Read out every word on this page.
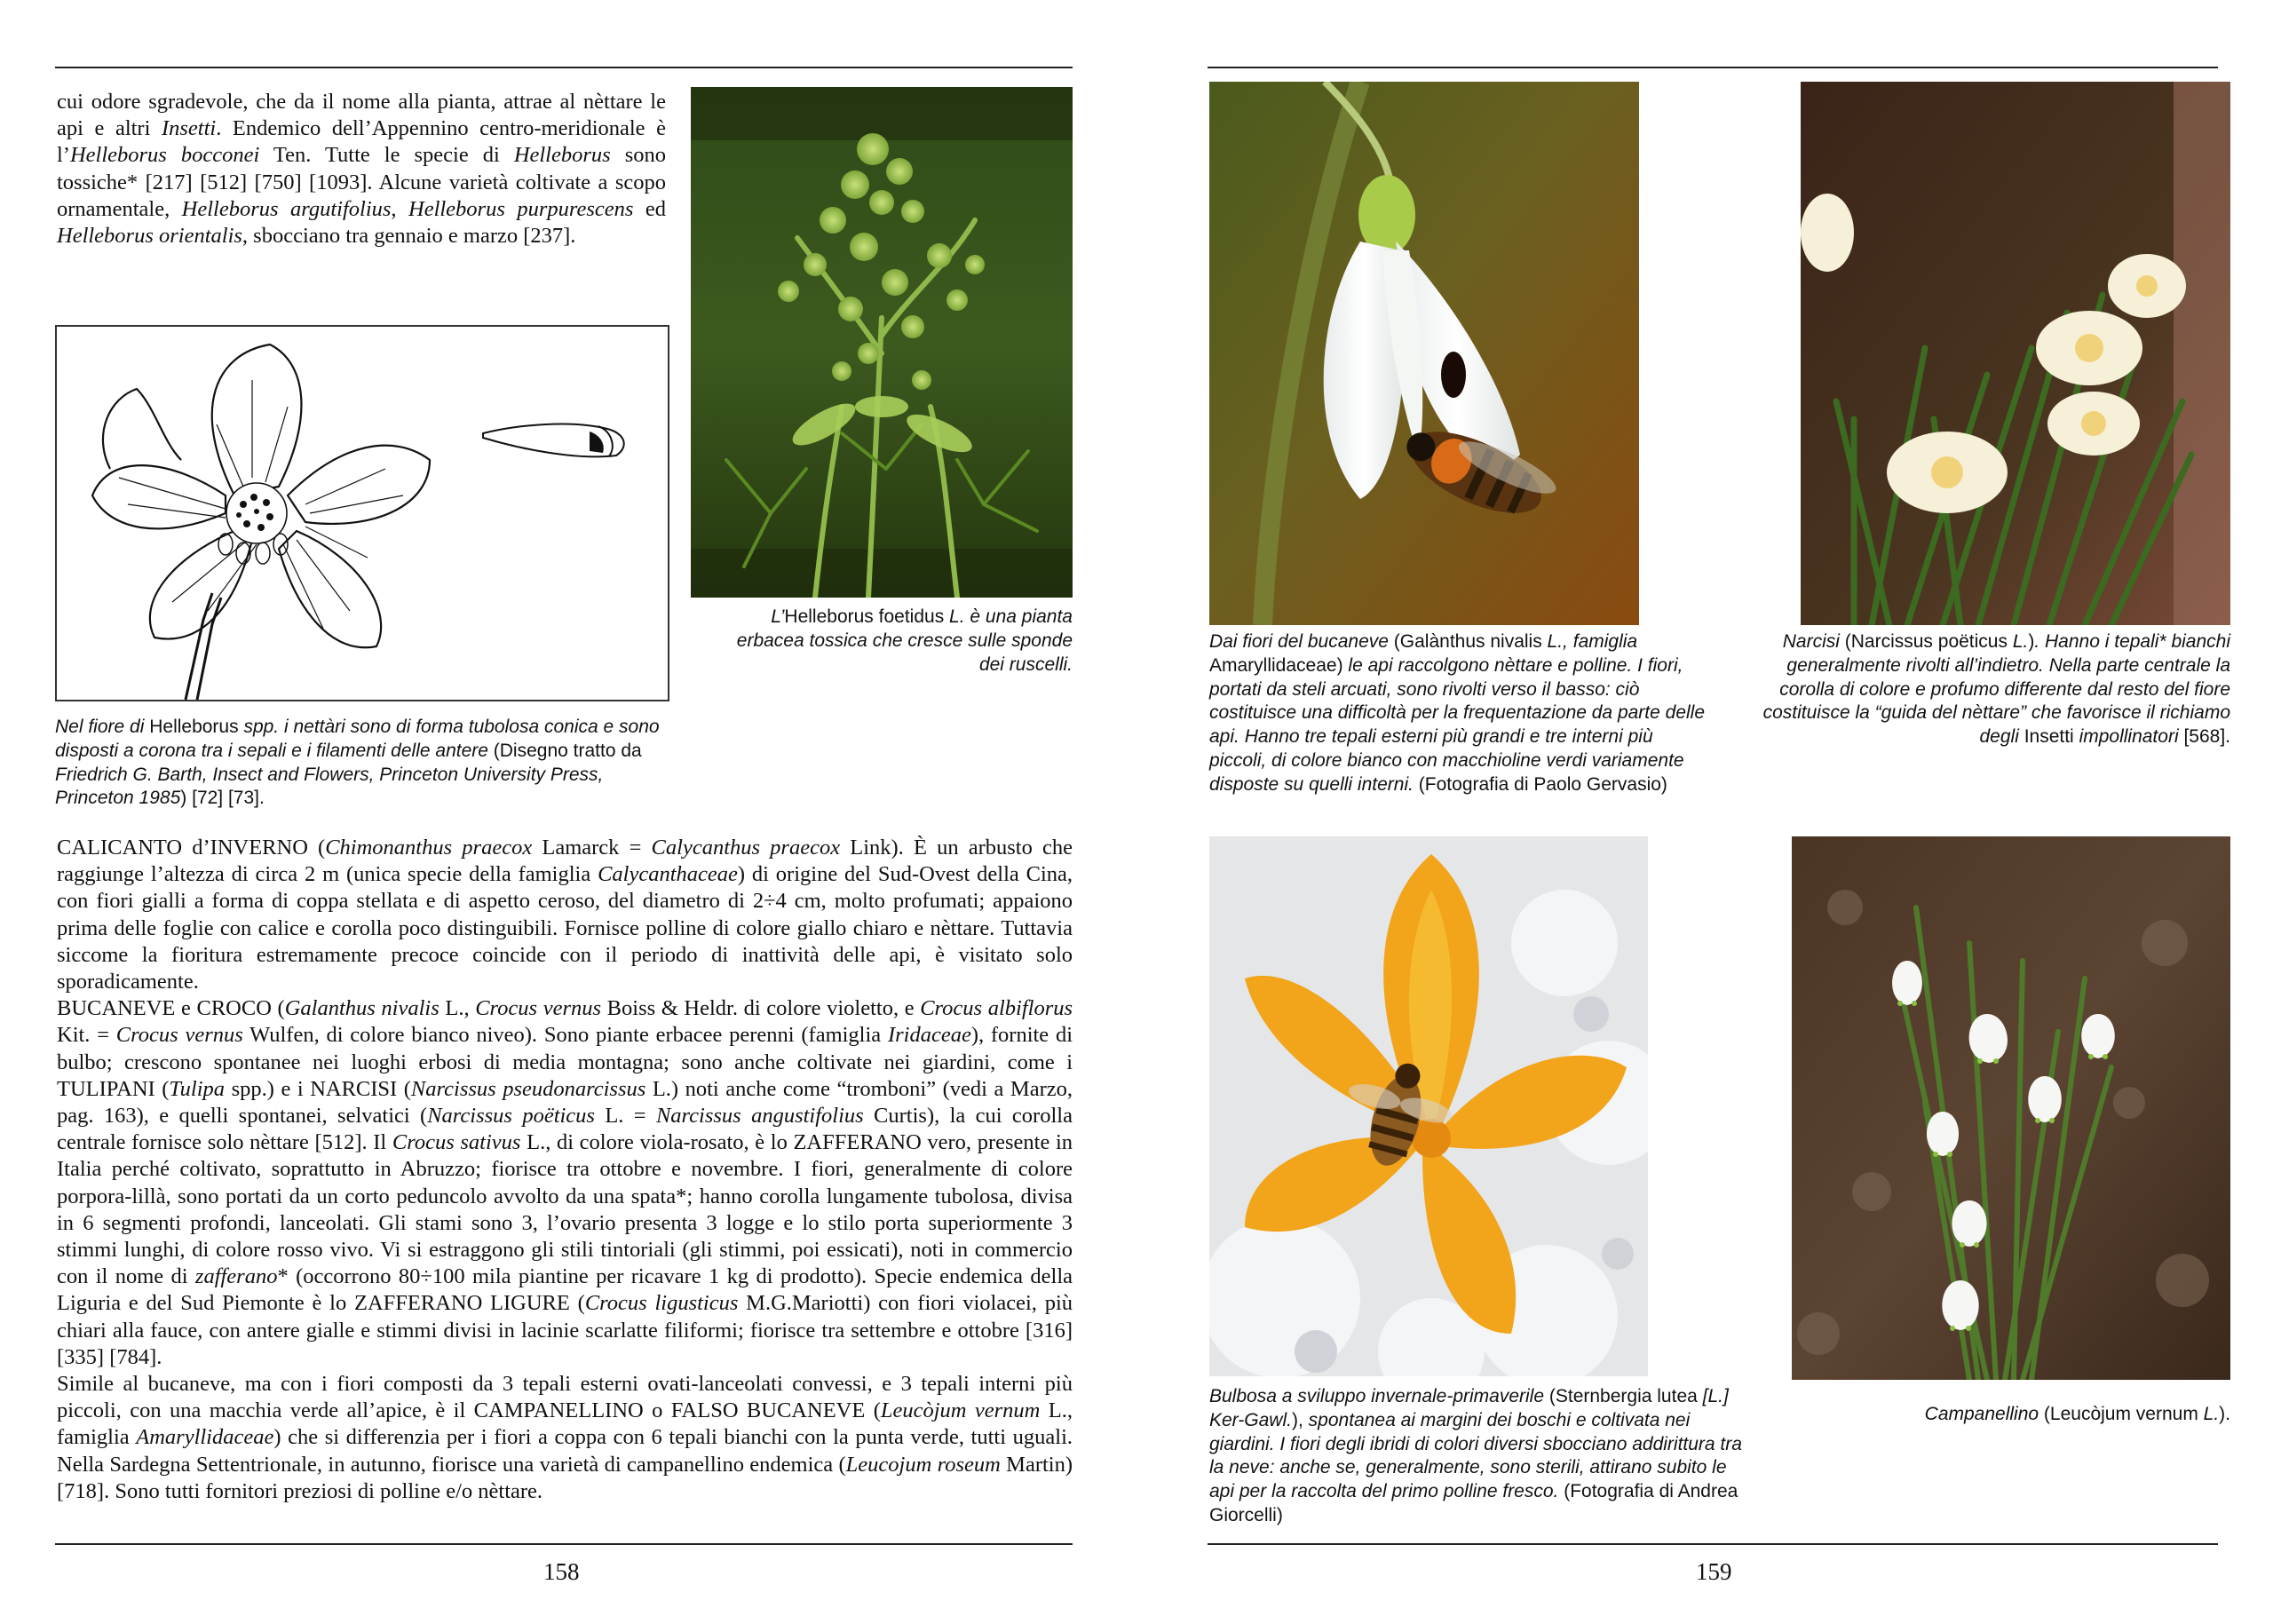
cui odore sgradevole, che da il nome alla pianta, attrae al nèttare le api e altri Insetti. Endemico dell’Appennino centro-meridionale è l’Helleborus bocconei Ten. Tutte le specie di Helleborus sono tossiche* [217] [512] [750] [1093]. Alcune varietà coltivate a scopo ornamentale, Helleborus argutifolius, Helleborus purpurescens ed Helleborus orientalis, sbocciano tra gennaio e marzo [237].

L’Helleborus foetidus L. è una pianta erbacea tossica che cresce sulle sponde dei ruscelli.
Nel fiore di Helleborus spp. i nettàri sono di forma tubolosa conica e sono disposti a corona tra i sepali e i filamenti delle antere (Disegno tratto da Friedrich G. Barth, Insect and Flowers, Princeton University Press, Princeton 1985) [72] [73].

CALICANTO d’INVERNO (Chimonanthus praecox Lamarck = Calycanthus praecox Link). È un arbusto che raggiunge l’altezza di circa 2 m (unica specie della famiglia Calycanthaceae) di origine del Sud-Ovest della Cina, con fiori gialli a forma di coppa stellata e di aspetto ceroso, del diametro di 2÷4 cm, molto profumati; appaiono prima delle foglie con calice e corolla poco distinguibili. Fornisce polline di colore giallo chiaro e nèttare. Tuttavia siccome la fioritura estremamente precoce coincide con il periodo di inattività delle api, è visitato solo sporadicamente.

BUCANEVE e CROCO (Galanthus nivalis L., Crocus vernus Boiss & Heldr. di colore violetto, e Crocus albiflorus Kit. = Crocus vernus Wulfen, di colore bianco niveo). Sono piante erbacee perenni (famiglia Iridaceae), fornite di bulbo; crescono spontanee nei luoghi erbosi di media montagna; sono anche coltivate nei giardini, come i TULIPANI (Tulipa spp.) e i NARCISI (Narcissus pseudonarcissus L.) noti anche come “tromboni” (vedi a Marzo, pag. 163), e quelli spontanei, selvatici (Narcissus poëticus L. = Narcissus angustifolius Curtis), la cui corolla centrale fornisce solo nèttare [512]. Il Crocus sativus L., di colore viola-rosato, è lo ZAFFERANO vero, presente in Italia perché coltivato, soprattutto in Abruzzo; fiorisce tra ottobre e novembre. I fiori, generalmente di colore porpora-lillà, sono portati da un corto peduncolo avvolto da una spata*; hanno corolla lungamente tubolosa, divisa in 6 segmenti profondi, lanceolati. Gli stami sono 3, l’ovario presenta 3 logge e lo stilo porta superiormente 3 stimmi lunghi, di colore rosso vivo. Vi si estraggono gli stili tintoriali (gli stimmi, poi essicati), noti in commercio con il nome di zafferano* (occorrono 80÷100 mila piantine per ricavare 1 kg di prodotto). Specie endemica della Liguria e del Sud Piemonte è lo ZAFFERANO LIGURE (Crocus ligusticus M.G.Mariotti) con fiori violacei, più chiari alla fauce, con antere gialle e stimmi divisi in lacinie scarlatte filiformi; fiorisce tra settembre e ottobre [316] [335] [784].

Simile al bucaneve, ma con i fiori composti da 3 tepali esterni ovati-lanceolati convessi, e 3 tepali interni più piccoli, con una macchia verde all’apice, è il CAMPANELLINO o FALSO BUCANEVE (Leucòjum vernum L., famiglia Amaryllidaceae) che si differenzia per i fiori a coppa con 6 tepali bianchi con la punta verde, tutti uguali. Nella Sardegna Settentrionale, in autunno, fiorisce una varietà di campanellino endemica (Leucojum roseum Martin) [718]. Sono tutti fornitori preziosi di polline e/o nèttare.

158
Dai fiori del bucaneve (Galànthus nivalis L., famiglia Amaryllidaceae) le api raccolgono nèttare e polline. I fiori, portati da steli arcuati, sono rivolti verso il basso: ciò costituisce una difficoltà per la frequentazione da parte delle api. Hanno tre tepali esterni più grandi e tre interni più piccoli, di colore bianco con macchioline verdi variamente disposte su quelli interni. (Fotografia di Paolo Gervasio)
Narcisi (Narcissus poëticus L.). Hanno i tepali* bianchi generalmente rivolti all’indietro. Nella parte centrale la corolla di colore e profumo differente dal resto del fiore costituisce la “guida del nèttare” che favorisce il richiamo degli Insetti impollinatori [568].
Bulbosa a sviluppo invernale-primaverile (Sternbergia lutea [L.] Ker-Gawl.), spontanea ai margini dei boschi e coltivata nei giardini. I fiori degli ibridi di colori diversi sbocciano addirittura tra la neve: anche se, generalmente, sono sterili, attirano subito le api per la raccolta del primo polline fresco. (Fotografia di Andrea Giorcelli)
Campanellino (Leucòjum vernum L.).
159
